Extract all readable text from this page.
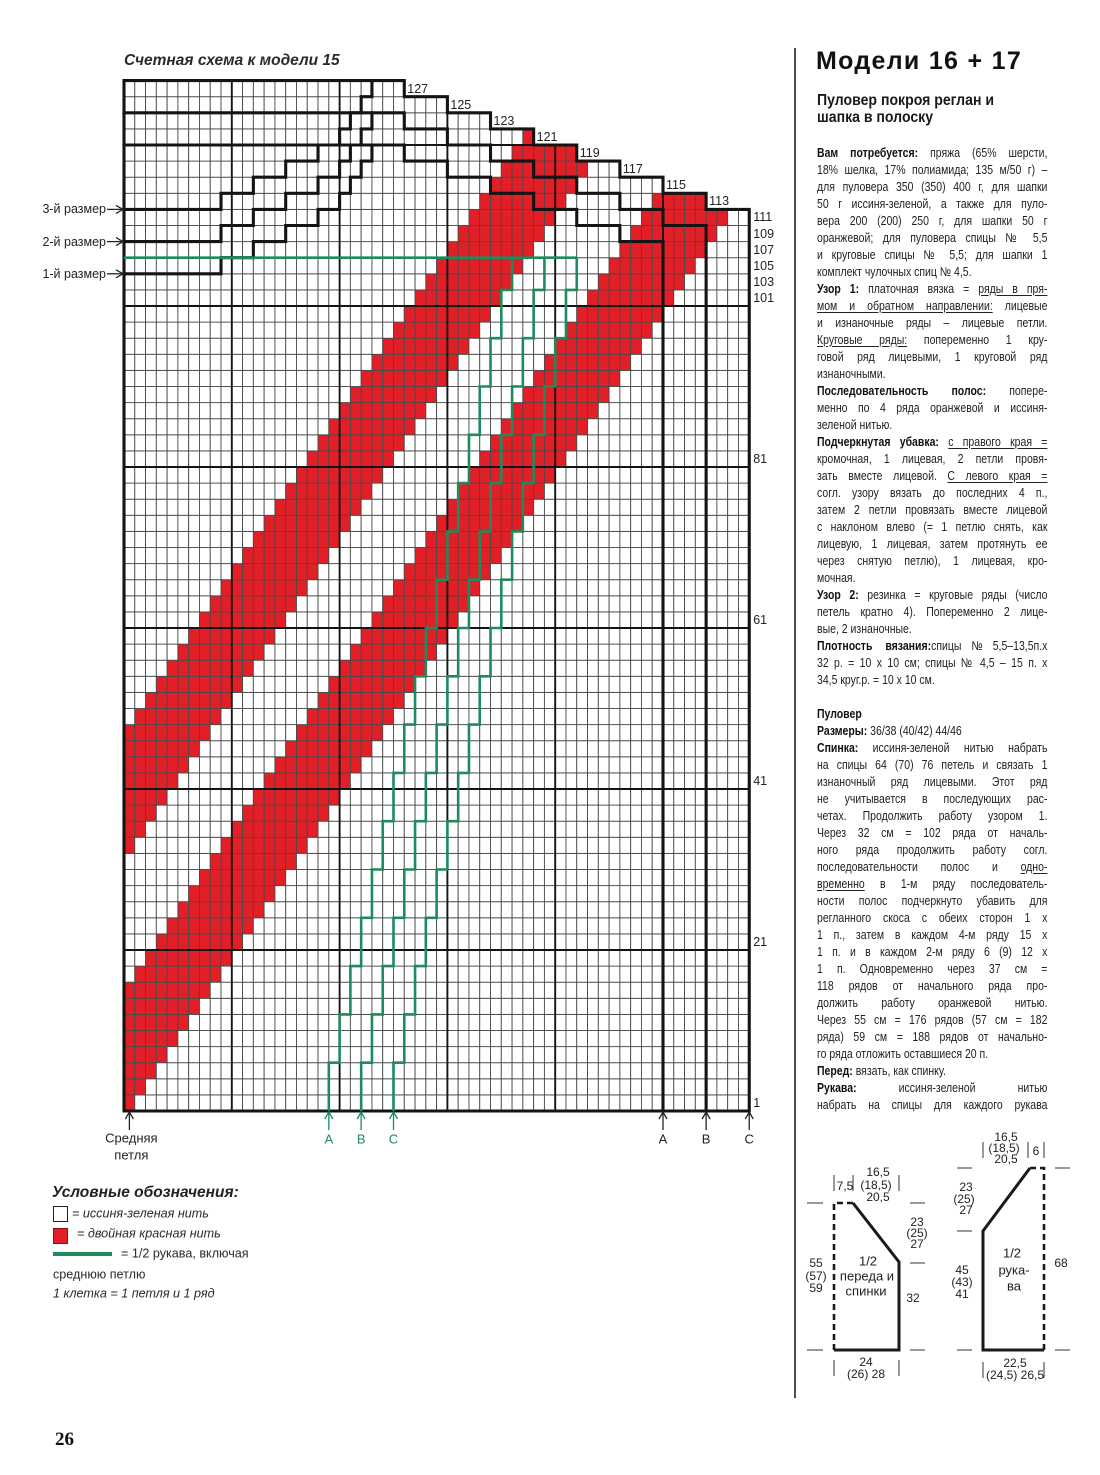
Счетная схема к модели 15
3-й размер
2-й размер
1-й размер
1
21
41
61
81
101
103
105
107
109
111
113
115
117
119
121
123
125
127
Средняя
петля
A B C	A	B	C
Условные обозначения:
= иссиня-зеленая нить
= двойная красная нить
= 1/2 рукава, включая
среднюю петлю
1 клетка = 1 петля и 1 ряд
Модели 16 + 17
Пуловер покроя реглан и
шапка в полоску
Вам потребуется: пряжа (65% шерсти,
18% шелка, 17% полиамида; 135 м/50 г) –
для пуловера 350 (350) 400 г, для шапки
50 г иссиня-зеленой, а также для пуло-
вера 200 (200) 250 г, для шапки 50 г
оранжевой; для пуловера спицы № 5,5
и круговые спицы № 5,5; для шапки 1
комплект чулочных спиц № 4,5.
Узор 1: платочная вязка = ряды в пря-
мом и обратном направлении: лицевые
и изнаночные ряды – лицевые петли.
Круговые ряды: попеременно 1 кру-
говой ряд лицевыми, 1 круговой ряд
изнаночными.
Последовательность полос: попере-
менно по 4 ряда оранжевой и иссиня-
зеленой нитью.
Подчеркнутая убавка: с правого края =
кромочная, 1 лицевая, 2 петли провя-
зать вместе лицевой. С левого края =
согл. узору вязать до последних 4 п.,
затем 2 петли провязать вместе лицевой
с наклоном влево (= 1 петлю снять, как
лицевую, 1 лицевая, затем протянуть ее
через снятую петлю), 1 лицевая, кро-
мочная.
Узор 2: резинка = круговые ряды (число
петель кратно 4). Попеременно 2 лице-
вые, 2 изнаночные.
Плотность вязания:спицы№5,5–13,5п.х
32 р. = 10 х 10 см; спицы № 4,5 – 15 п. х
34,5 круг.р. = 10 х 10 см.
Пуловер
Размеры: 36/38 (40/42) 44/46
Спинка: иссиня-зеленой нитью набрать
на спицы 64 (70) 76 петель и связать 1
изнаночный ряд лицевыми. Этот ряд
не учитывается в последующих рас-
четах. Продолжить работу узором 1.
Через 32 см = 102 ряда от началь-
ного ряда продолжить работу согл.
последовательности полос и одно-
временно в 1-м ряду последователь-
ности полос подчеркнуто убавить для
регланного скоса с обеих сторон 1 х
1 п., затем в каждом 4-м ряду 15 х
1 п. и в каждом 2-м ряду 6 (9) 12 х
1 п. Одновременно через 37 см =
118 рядов от начального ряда про-
должить работу оранжевой нитью.
Через 55 см = 176 рядов (57 см = 182
ряда) 59 см = 188 рядов от начально-
го ряда отложить оставшиеся 20 п.
Перед: вязать, как спинку.
Рукава: иссиня-зеленой нитью
набрать на спицы для каждого рукава
7,5
16,5
(18,5)
20,5
23
(25)
27
1/2
переда и
спинки
55
(57)
59
32
24
(26) 28
16,5
(18,5)
20,5
6
23
(25)
27
45
(43)
41
1/2
рука-
ва
68
22,5
(24,5) 26,5
26
